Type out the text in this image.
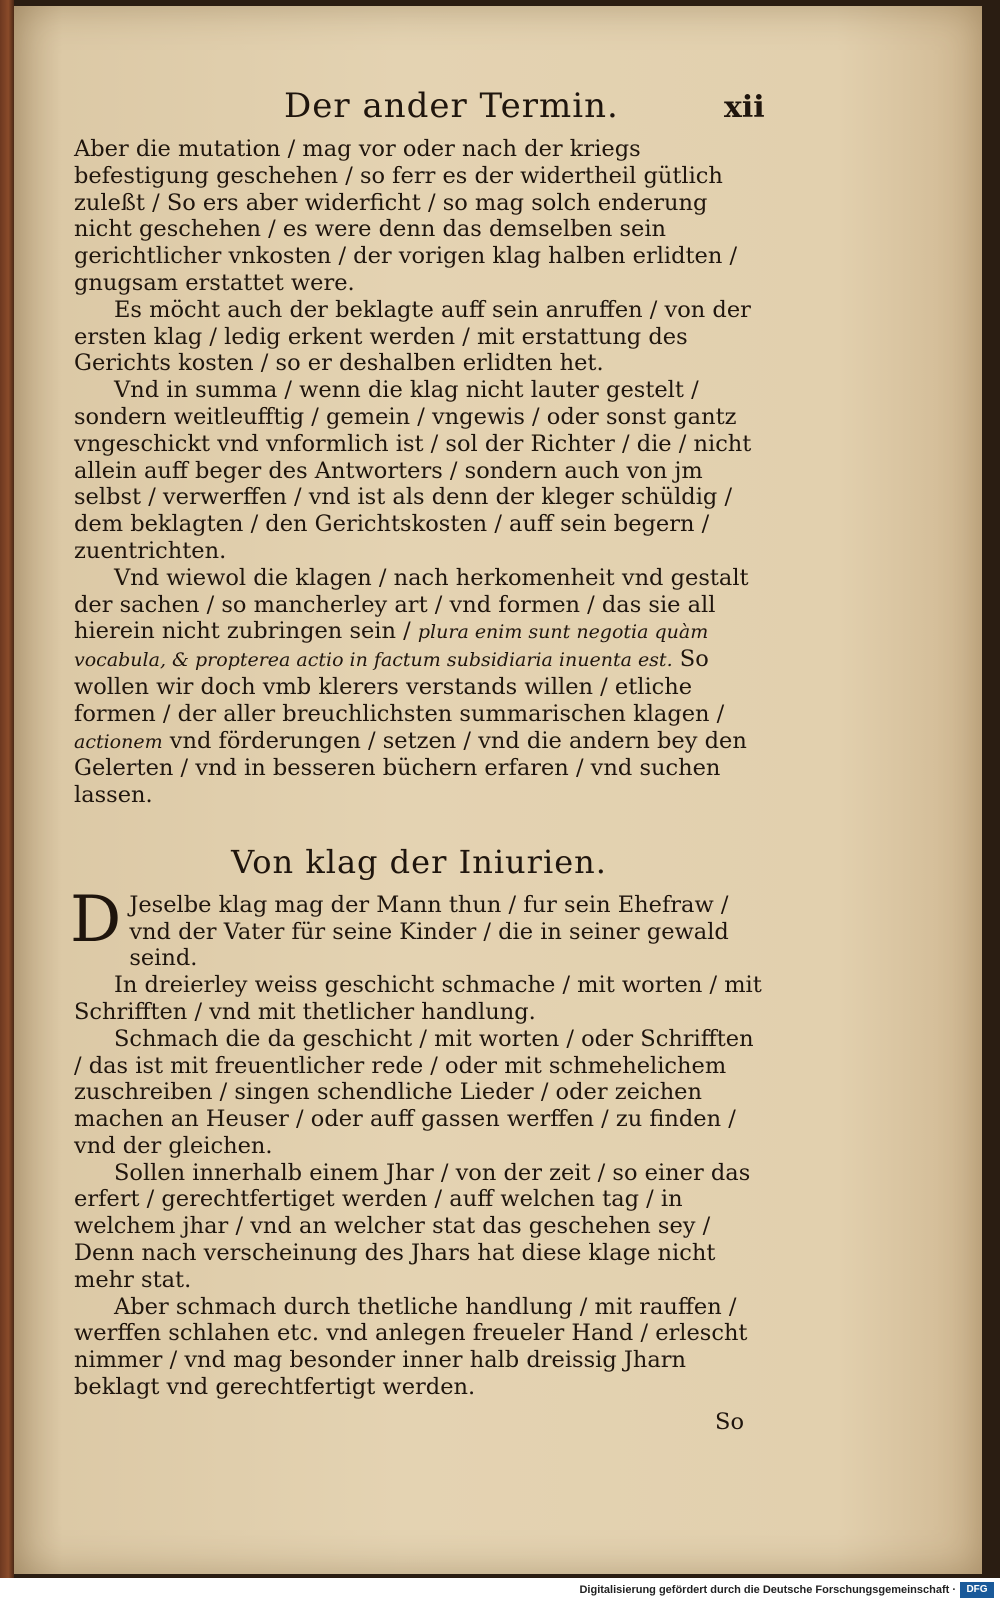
Der ander Termin.	xii

Aber die mutation / mag vor oder nach der kriegs befestigung geschehen / so ferr es der widertheil gütlich zuleßt / So ers aber widerficht / so mag solch enderung nicht geschehen / es were denn das demselben sein gerichtlicher vnkosten / der vorigen klag halben erlidten / gnugsam erstattet were.

Es möcht auch der beklagte auff sein anruffen / von der ersten klag / ledig erkent werden / mit erstattung des Gerichts kosten / so er deshalben erlidten het.

Vnd in summa / wenn die klag nicht lauter gestelt / sondern weitleufftig / gemein / vngewis / oder sonst gantz vngeschickt vnd vnformlich ist / sol der Richter / die / nicht allein auff beger des Antworters / sondern auch von jm selbst / verwerffen / vnd ist als denn der kleger schüldig / dem beklagten / den Gerichtskosten / auff sein begern / zuentrichten.

Vnd wiewol die klagen / nach herkomenheit vnd gestalt der sachen / so mancherley art / vnd formen / das sie all hierein nicht zubringen sein / plura enim sunt negotia quàm vocabula, & propterea actio in factum subsidiaria inuenta est. So wollen wir doch vmb klerers verstands willen / etliche formen / der aller breuchlichsten summarischen klagen / actionem vnd förderungen / setzen / vnd die andern bey den Gelerten / vnd in besseren büchern erfaren / vnd suchen lassen.

Von klag der Iniurien.

D Jeselbe klag mag der Mann thun / fur sein Ehefraw / vnd der Vater für seine Kinder / die in seiner gewald seind.

In dreierley weiss geschicht schmache / mit worten / mit Schrifften / vnd mit thetlicher handlung.

Schmach die da geschicht / mit worten / oder Schrifften / das ist mit freuentlicher rede / oder mit schmehelichem zuschreiben / singen schendliche Lieder / oder zeichen machen an Heuser / oder auff gassen werffen / zu finden / vnd der gleichen.

Sollen innerhalb einem Jhar / von der zeit / so einer das erfert / gerechtfertiget werden / auff welchen tag / in welchem jhar / vnd an welcher stat das geschehen sey / Denn nach verscheinung des Jhars hat diese klage nicht mehr stat.

Aber schmach durch thetliche handlung / mit rauffen / werffen schlahen etc. vnd anlegen freueler Hand / erlescht nimmer / vnd mag besonder inner halb dreissig Jharn beklagt vnd gerechtfertigt werden.

So
Digitalisierung gefördert durch die Deutsche Forschungsgemeinschaft ·	DFG
